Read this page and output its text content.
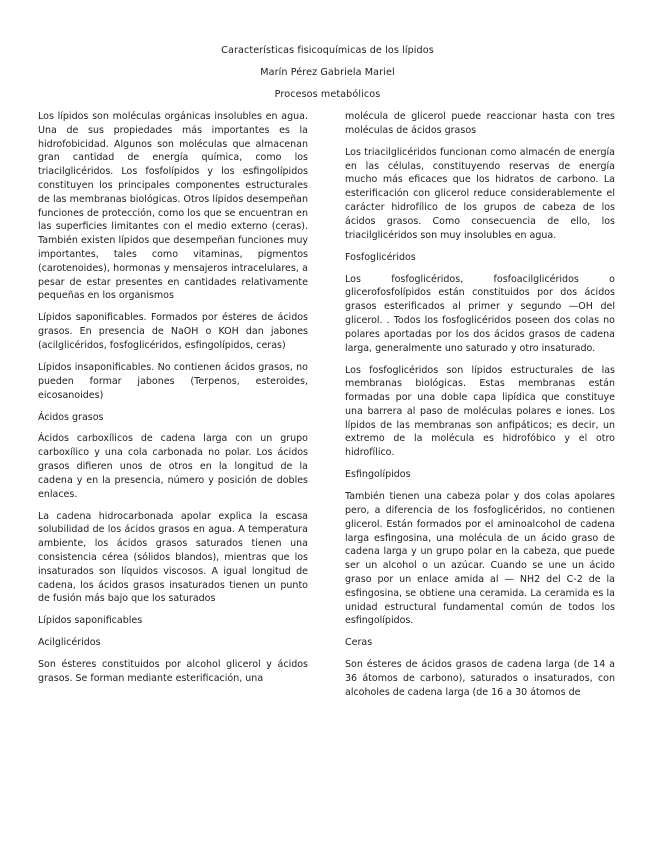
Características fisicoquímicas de los lípidos
Marín Pérez Gabriela Mariel
Procesos metabólicos

Los lípidos son moléculas orgánicas insolubles en agua. Una de sus propiedades más importantes es la hidrofobicidad. Algunos son moléculas que almacenan gran cantidad de energía química, como los triacilglicéridos. Los fosfolípidos y los esfingolípidos constituyen los principales componentes estructurales de las membranas biológicas. Otros lípidos desempeñan funciones de protección, como los que se encuentran en las superficies limitantes con el medio externo (ceras). También existen lípidos que desempeñan funciones muy importantes, tales como vitaminas, pigmentos (carotenoides), hormonas y mensajeros intracelulares, a pesar de estar presentes en cantidades relativamente pequeñas en los organismos

Lípidos saponificables. Formados por ésteres de ácidos grasos. En presencia de NaOH o KOH dan jabones (acilglicéridos, fosfoglicéridos, esfingolípidos, ceras)

Lípidos insaponificables. No contienen ácidos grasos, no pueden formar jabones (Terpenos, esteroides, eicosanoides)

Ácidos grasos

Ácidos carboxílicos de cadena larga con un grupo carboxílico y una cola carbonada no polar. Los ácidos grasos difieren unos de otros en la longitud de la cadena y en la presencia, número y posición de dobles enlaces.

La cadena hidrocarbonada apolar explica la escasa solubilidad de los ácidos grasos en agua. A temperatura ambiente, los ácidos grasos saturados tienen una consistencia cérea (sólidos blandos), mientras que los insaturados son líquidos viscosos. A igual longitud de cadena, los ácidos grasos insaturados tienen un punto de fusión más bajo que los saturados

Lípidos saponificables

Acilglicéridos

Son ésteres constituidos por alcohol glicerol y ácidos grasos. Se forman mediante esterificación, una

molécula de glicerol puede reaccionar hasta con tres moléculas de ácidos grasos

Los triacilglicéridos funcionan como almacén de energía en las células, constituyendo reservas de energía mucho más eficaces que los hidratos de carbono. La esterificación con glicerol reduce considerablemente el carácter hidrofílico de los grupos de cabeza de los ácidos grasos. Como consecuencia de ello, los triacilglicéridos son muy insolubles en agua.

Fosfoglicéridos

Los fosfoglicéridos, fosfoacilglicéridos o glicerofosfolípidos están constituidos por dos ácidos grasos esterificados al primer y segundo —OH del glicerol. . Todos los fosfoglicéridos poseen dos colas no polares aportadas por los dos ácidos grasos de cadena larga, generalmente uno saturado y otro insaturado.

Los fosfoglicéridos son lípidos estructurales de las membranas biológicas. Estas membranas están formadas por una doble capa lipídica que constituye una barrera al paso de moléculas polares e iones. Los lípidos de las membranas son anfipáticos; es decir, un extremo de la molécula es hidrofóbico y el otro hidrofílico.

Esfingolípidos

También tienen una cabeza polar y dos colas apolares pero, a diferencia de los fosfoglicéridos, no contienen glicerol. Están formados por el aminoalcohol de cadena larga esfingosina, una molécula de un ácido graso de cadena larga y un grupo polar en la cabeza, que puede ser un alcohol o un azúcar. Cuando se une un ácido graso por un enlace amida al — NH2 del C-2 de la esfingosina, se obtiene una ceramida. La ceramida es la unidad estructural fundamental común de todos los esfingolípidos.

Ceras

Son ésteres de ácidos grasos de cadena larga (de 14 a 36 átomos de carbono), saturados o insaturados, con alcoholes de cadena larga (de 16 a 30 átomos de
